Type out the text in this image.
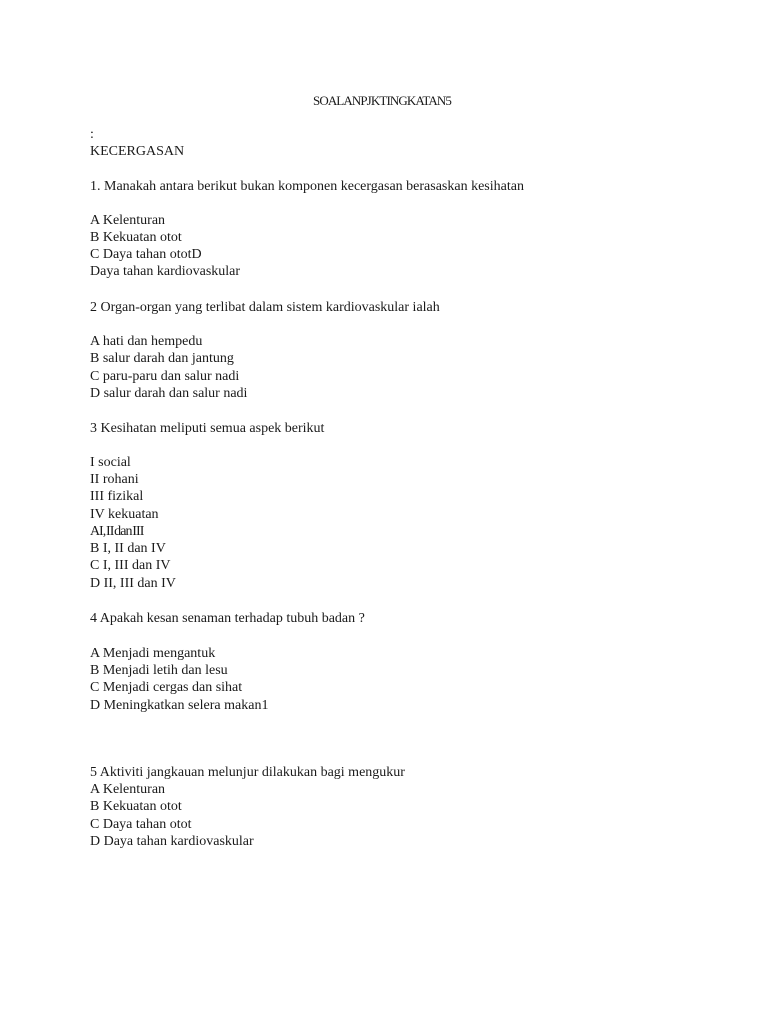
SOALANPJK TINGKATAN5
:
KECERGASAN
1. Manakah antara berikut bukan komponen kecergasan berasaskan kesihatan
A Kelenturan
B Kekuatan otot
C Daya tahan ototD
Daya tahan kardiovaskular
2 Organ-organ yang terlibat dalam sistem kardiovaskular ialah
A hati dan hempedu
B salur darah dan jantung
C paru-paru dan salur nadi
D salur darah dan salur nadi
3 Kesihatan meliputi semua aspek berikut
I social
II rohani
III fizikal
IV kekuatan
A I, II dan III
B I, II dan IV
C I, III dan IV
D II, III dan IV
4 Apakah kesan senaman terhadap tubuh badan ?
A Menjadi mengantuk
B Menjadi letih dan lesu
C Menjadi cergas dan sihat
D Meningkatkan selera makan1
5 Aktiviti jangkauan melunjur dilakukan bagi mengukur
A Kelenturan
B Kekuatan otot
C Daya tahan otot
D Daya tahan kardiovaskular
